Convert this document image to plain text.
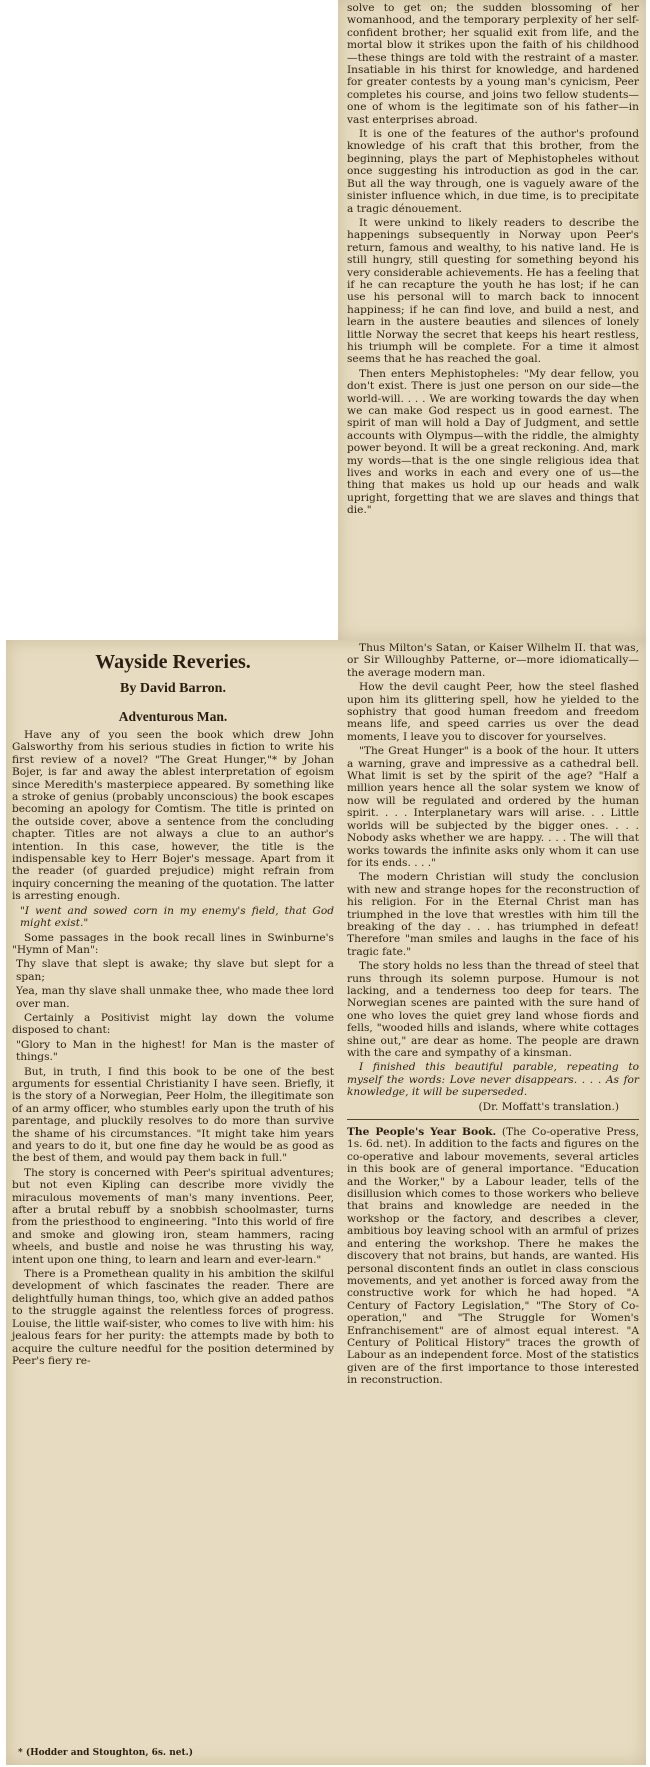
solve to get on; the sudden blossoming of her womanhood, and the temporary perplexity of her self-confident brother; her squalid exit from life, and the mortal blow it strikes upon the faith of his childhood—these things are told with the restraint of a master. Insatiable in his thirst for knowledge, and hardened for greater contests by a young man's cynicism, Peer completes his course, and joins two fellow students—one of whom is the legitimate son of his father—in vast enterprises abroad.

It is one of the features of the author's profound knowledge of his craft that this brother, from the beginning, plays the part of Mephistopheles without once suggesting his introduction as god in the car. But all the way through, one is vaguely aware of the sinister influence which, in due time, is to precipitate a tragic dénouement.

It were unkind to likely readers to describe the happenings subsequently in Norway upon Peer's return, famous and wealthy, to his native land. He is still hungry, still questing for something beyond his very considerable achievements. He has a feeling that if he can recapture the youth he has lost; if he can use his personal will to march back to innocent happiness; if he can find love, and build a nest, and learn in the austere beauties and silences of lonely little Norway the secret that keeps his heart restless, his triumph will be complete. For a time it almost seems that he has reached the goal.

Then enters Mephistopheles: "My dear fellow, you don't exist. There is just one person on our side—the world-will. . . . We are working towards the day when we can make God respect us in good earnest. The spirit of man will hold a Day of Judgment, and settle accounts with Olympus—with the riddle, the almighty power beyond. It will be a great reckoning. And, mark my words—that is the one single religious idea that lives and works in each and every one of us—the thing that makes us hold up our heads and walk upright, forgetting that we are slaves and things that die."

Wayside Reveries.
By David Barron.
Adventurous Man.

Have any of you seen the book which drew John Galsworthy from his serious studies in fiction to write his first review of a novel? "The Great Hunger,"* by Johan Bojer, is far and away the ablest interpretation of egoism since Meredith's masterpiece appeared. By something like a stroke of genius (probably unconscious) the book escapes becoming an apology for Comtism. The title is printed on the outside cover, above a sentence from the concluding chapter. Titles are not always a clue to an author's intention. In this case, however, the title is the indispensable key to Herr Bojer's message. Apart from it the reader (of guarded prejudice) might refrain from inquiry concerning the meaning of the quotation. The latter is arresting enough.

"I went and sowed corn in my enemy's field, that God might exist."

Some passages in the book recall lines in Swinburne's "Hymn of Man":

Thy slave that slept is awake; thy slave but slept for a span;

Yea, man thy slave shall unmake thee, who made thee lord over man.

Certainly a Positivist might lay down the volume disposed to chant:

"Glory to Man in the highest! for Man is the master of things."

But, in truth, I find this book to be one of the best arguments for essential Christianity I have seen. Briefly, it is the story of a Norwegian, Peer Holm, the illegitimate son of an army officer, who stumbles early upon the truth of his parentage, and pluckily resolves to do more than survive the shame of his circumstances. "It might take him years and years to do it, but one fine day he would be as good as the best of them, and would pay them back in full."

The story is concerned with Peer's spiritual adventures; but not even Kipling can describe more vividly the miraculous movements of man's many inventions. Peer, after a brutal rebuff by a snobbish schoolmaster, turns from the priesthood to engineering. "Into this world of fire and smoke and glowing iron, steam hammers, racing wheels, and bustle and noise he was thrusting his way, intent upon one thing, to learn and learn and ever-learn."

There is a Promethean quality in his ambition the skilful development of which fascinates the reader. There are delightfully human things, too, which give an added pathos to the struggle against the relentless forces of progress. Louise, the little waif-sister, who comes to live with him: his jealous fears for her purity: the attempts made by both to acquire the culture needful for the position determined by Peer's fiery re-

Thus Milton's Satan, or Kaiser Wilhelm II. that was, or Sir Willoughby Patterne, or—more idiomatically—the average modern man.

How the devil caught Peer, how the steel flashed upon him its glittering spell, how he yielded to the sophistry that good human freedom and freedom means life, and speed carries us over the dead moments, I leave you to discover for yourselves.

"The Great Hunger" is a book of the hour. It utters a warning, grave and impressive as a cathedral bell. What limit is set by the spirit of the age? "Half a million years hence all the solar system we know of now will be regulated and ordered by the human spirit. . . . Interplanetary wars will arise. . . Little worlds will be subjected by the bigger ones. . . . Nobody asks whether we are happy. . . . The will that works towards the infinite asks only whom it can use for its ends. . . ."

The modern Christian will study the conclusion with new and strange hopes for the reconstruction of his religion. For in the Eternal Christ man has triumphed in the love that wrestles with him till the breaking of the day . . . has triumphed in defeat! Therefore "man smiles and laughs in the face of his tragic fate."

The story holds no less than the thread of steel that runs through its solemn purpose. Humour is not lacking, and a tenderness too deep for tears. The Norwegian scenes are painted with the sure hand of one who loves the quiet grey land whose fiords and fells, "wooded hills and islands, where white cottages shine out," are dear as home. The people are drawn with the care and sympathy of a kinsman.

I finished this beautiful parable, repeating to myself the words: Love never disappears. . . . As for knowledge, it will be superseded.

(Dr. Moffatt's translation.)

The People's Year Book. (The Co-operative Press, 1s. 6d. net). In addition to the facts and figures on the co-operative and labour movements, several articles in this book are of general importance. "Education and the Worker," by a Labour leader, tells of the disillusion which comes to those workers who believe that brains and knowledge are needed in the workshop or the factory, and describes a clever, ambitious boy leaving school with an armful of prizes and entering the workshop. There he makes the discovery that not brains, but hands, are wanted. His personal discontent finds an outlet in class conscious movements, and yet another is forced away from the constructive work for which he had hoped. "A Century of Factory Legislation," "The Story of Co-operation," and "The Struggle for Women's Enfranchisement" are of almost equal interest. "A Century of Political History" traces the growth of Labour as an independent force. Most of the statistics given are of the first importance to those interested in reconstruction.

* (Hodder and Stoughton, 6s. net.)
